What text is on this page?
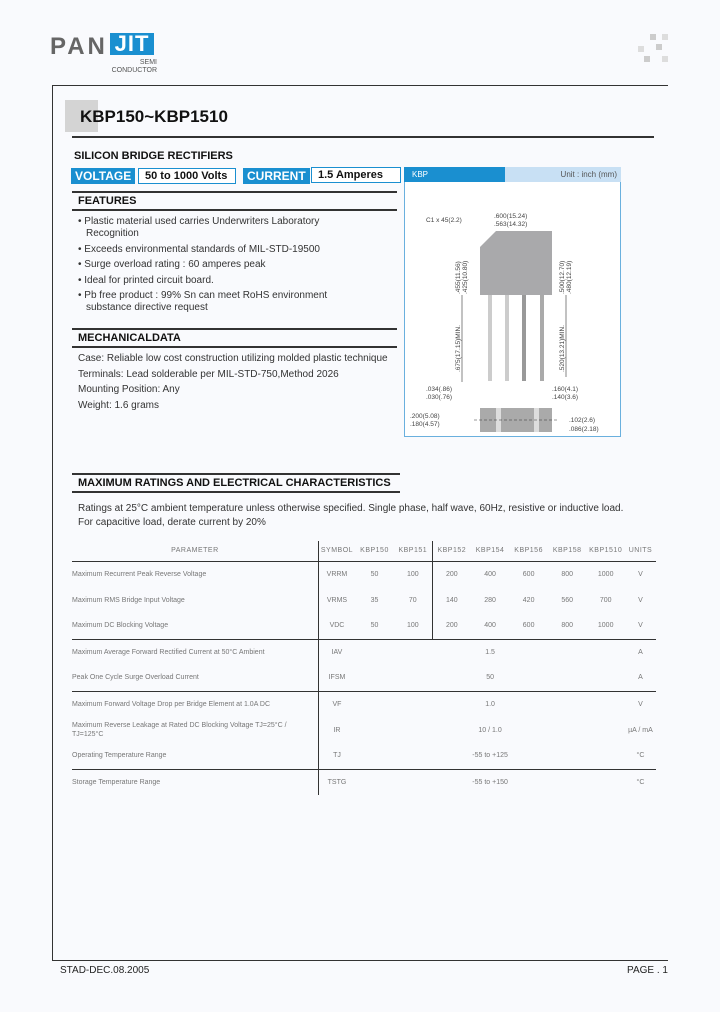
PAN JIT
SEMI
CONDUCTOR
KBP150~KBP1510
SILICON BRIDGE RECTIFIERS
VOLTAGE	50 to 1000 Volts	CURRENT	1.5 Amperes
FEATURES
• Plastic material used carries Underwriters Laboratory Recognition
• Exceeds environmental standards of MIL-STD-19500
• Surge overload rating : 60 amperes peak
• Ideal for printed circuit board.
• Pb free product : 99% Sn can meet RoHS environment substance directive request
MECHANICALDATA
Case: Reliable low cost construction utilizing molded plastic technique
Terminals: Lead solderable per MIL-STD-750,Method 2026
Mounting Position: Any
Weight: 1.6 grams
KBP	Unit : inch (mm)
.600(15.24)
.563(14.32)
C1 x 45(2.2)
.034(.86)
.030(.76)
.160(4.1)
.140(3.6)
.200(5.08)
.180(4.57)
.102(2.6)
.086(2.18)
.455(11.56) .425(10.80)	.500(12.70) .480(12.19)
.675(17.15)MIN.	.520(13.21)MIN.
MAXIMUM RATINGS AND ELECTRICAL CHARACTERISTICS
Ratings at 25°C ambient temperature unless otherwise specified. Single phase, half wave, 60Hz, resistive or inductive load.
For capacitive load, derate current by 20%
PARAMETER	SYMBOL	KBP150	KBP151	KBP152	KBP154	KBP156	KBP158	KBP1510	UNITS
Maximum Recurrent Peak Reverse Voltage	VRRM	50	100	200	400	600	800	1000	V
Maximum RMS Bridge Input Voltage	VRMS	35	70	140	280	420	560	700	V
Maximum DC Blocking Voltage	VDC	50	100	200	400	600	800	1000	V
Maximum Average Forward Rectified Current at 50°C Ambient	IAV	1.5							A
Peak One Cycle Surge Overload Current	IFSM	50							A
Maximum Forward Voltage Drop per Bridge Element at 1.0A DC	VF	1.0							V
Maximum Reverse Leakage at Rated DC Blocking Voltage TJ=25°C / TJ=125°C	IR	10 / 1.0							µA / mA
Operating Temperature Range	TJ	-55 to +125							°C
Storage Temperature Range	TSTG	-55 to +150							°C
STAD-DEC.08.2005	PAGE . 1
